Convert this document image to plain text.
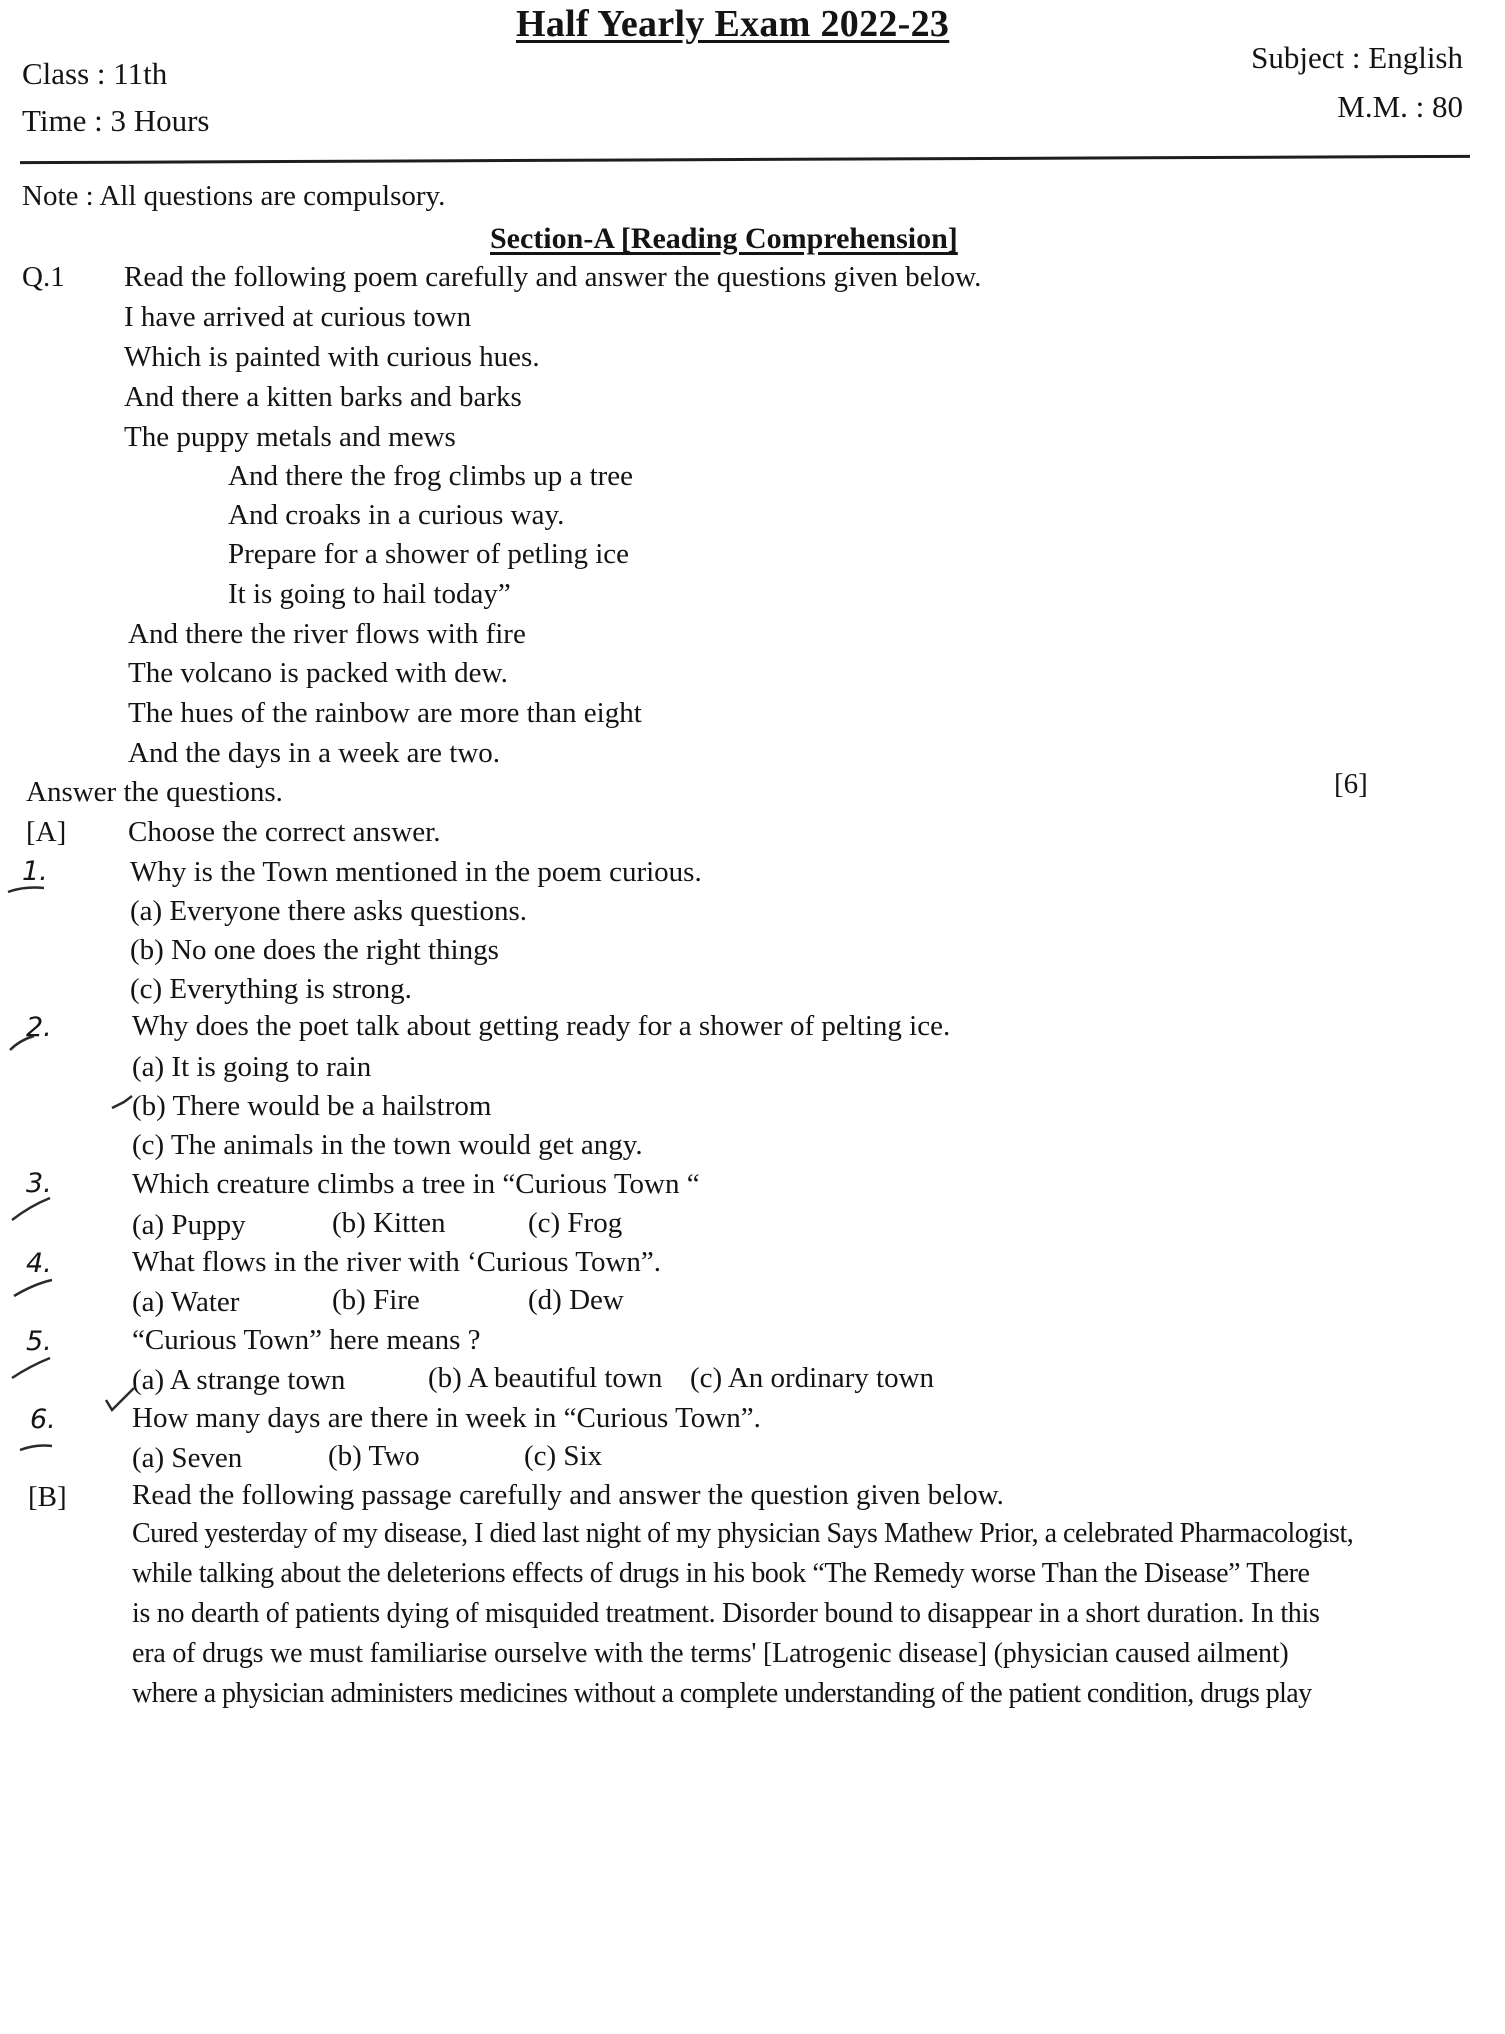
Half Yearly Exam 2022-23
Class : 11th
Time : 3 Hours
Subject : English
M.M. : 80
Note : All questions are compulsory.
Section-A [Reading Comprehension]
Q.1 Read the following poem carefully and answer the questions given below.
I have arrived at curious town
Which is painted with curious hues.
And there a kitten barks and barks
The puppy metals and mews
And there the frog climbs up a tree
And croaks in a curious way.
Prepare for a shower of petling ice
It is going to hail today”
And there the river flows with fire
The volcano is packed with dew.
The hues of the rainbow are more than eight
And the days in a week are two.
Answer the questions.	[6]
[A] Choose the correct answer.
1.	Why is the Town mentioned in the poem curious.
(a) Everyone there asks questions.
(b) No one does the right things
(c) Everything is strong.
2.	Why does the poet talk about getting ready for a shower of pelting ice.
(a) It is going to rain
(b) There would be a hailstrom
(c) The animals in the town would get angy.
3.	Which creature climbs a tree in “Curious Town “
(a) Puppy	(b) Kitten	(c) Frog
4.	What flows in the river with ‘Curious Town”.
(a) Water	(b) Fire	(d) Dew
5.	“Curious Town” here means ?
(a) A strange town	(b) A beautiful town (c) An ordinary town
6.	How many days are there in week in “Curious Town”.
(a) Seven	(b) Two	(c) Six
[B] Read the following passage carefully and answer the question given below.
Cured yesterday of my disease, I died last night of my physician Says Mathew Prior, a celebrated Pharmacologist,
while talking about the deleterions effects of drugs in his book “The Remedy worse Than the Disease” There
is no dearth of patients dying of misquided treatment. Disorder bound to disappear in a short duration. In this
era of drugs we must familiarise ourselve with the terms' [Latrogenic disease] (physician caused ailment)
where a physician administers medicines without a complete understanding of the patient condition, drugs play
